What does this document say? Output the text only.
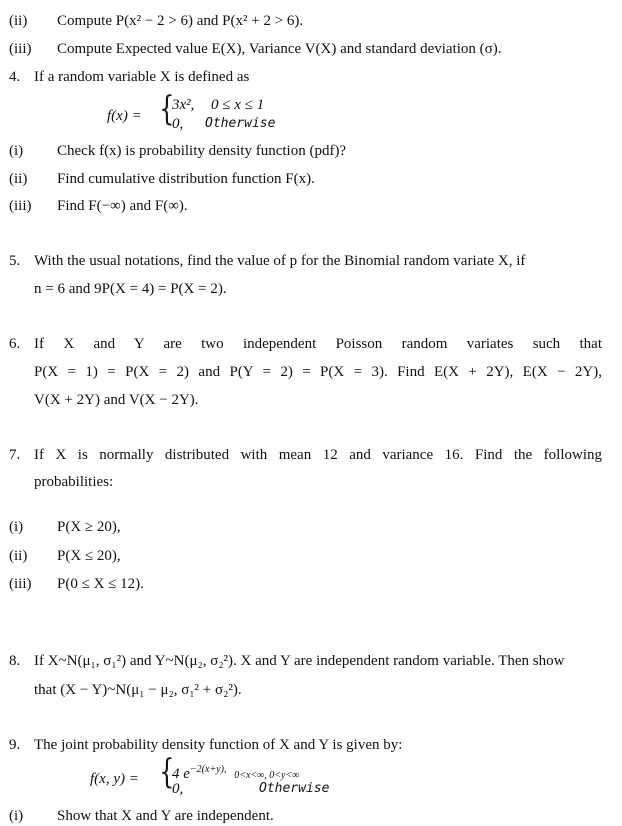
(ii) Compute P(x² − 2 > 6) and P(x² + 2 > 6).
(iii) Compute Expected value E(X), Variance V(X) and standard deviation (σ).
4. If a random variable X is defined as
f(x) = {
3x², 0 ≤ x ≤ 1
0, Otherwise
(i) Check f(x) is probability density function (pdf)?
(ii) Find cumulative distribution function F(x).
(iii) Find F(−∞) and F(∞).
5. With the usual notations, find the value of p for the Binomial random variate X, if
n = 6 and 9P(X = 4) = P(X = 2).
6. If X and Y are two independent Poisson random variates such that
P(X = 1) = P(X = 2) and P(Y = 2) = P(X = 3). Find E(X + 2Y), E(X − 2Y),
V(X + 2Y) and V(X − 2Y).
7. If X is normally distributed with mean 12 and variance 16. Find the following
probabilities:
(i) P(X ≥ 20),
(ii) P(X ≤ 20),
(iii) P(0 ≤ X ≤ 12).
8. If X~N(μ₁, σ₁²) and Y~N(μ₂, σ₂²). X and Y are independent random variable. Then show
that (X − Y)~N(μ₁ − μ₂, σ₁² + σ₂²).
9. The joint probability density function of X and Y is given by:
f(x, y) = {
4 $e^{-2(x+y),}$ 0<x<∞, 0<y<∞
0,	Otherwise
(i) Show that X and Y are independent.
